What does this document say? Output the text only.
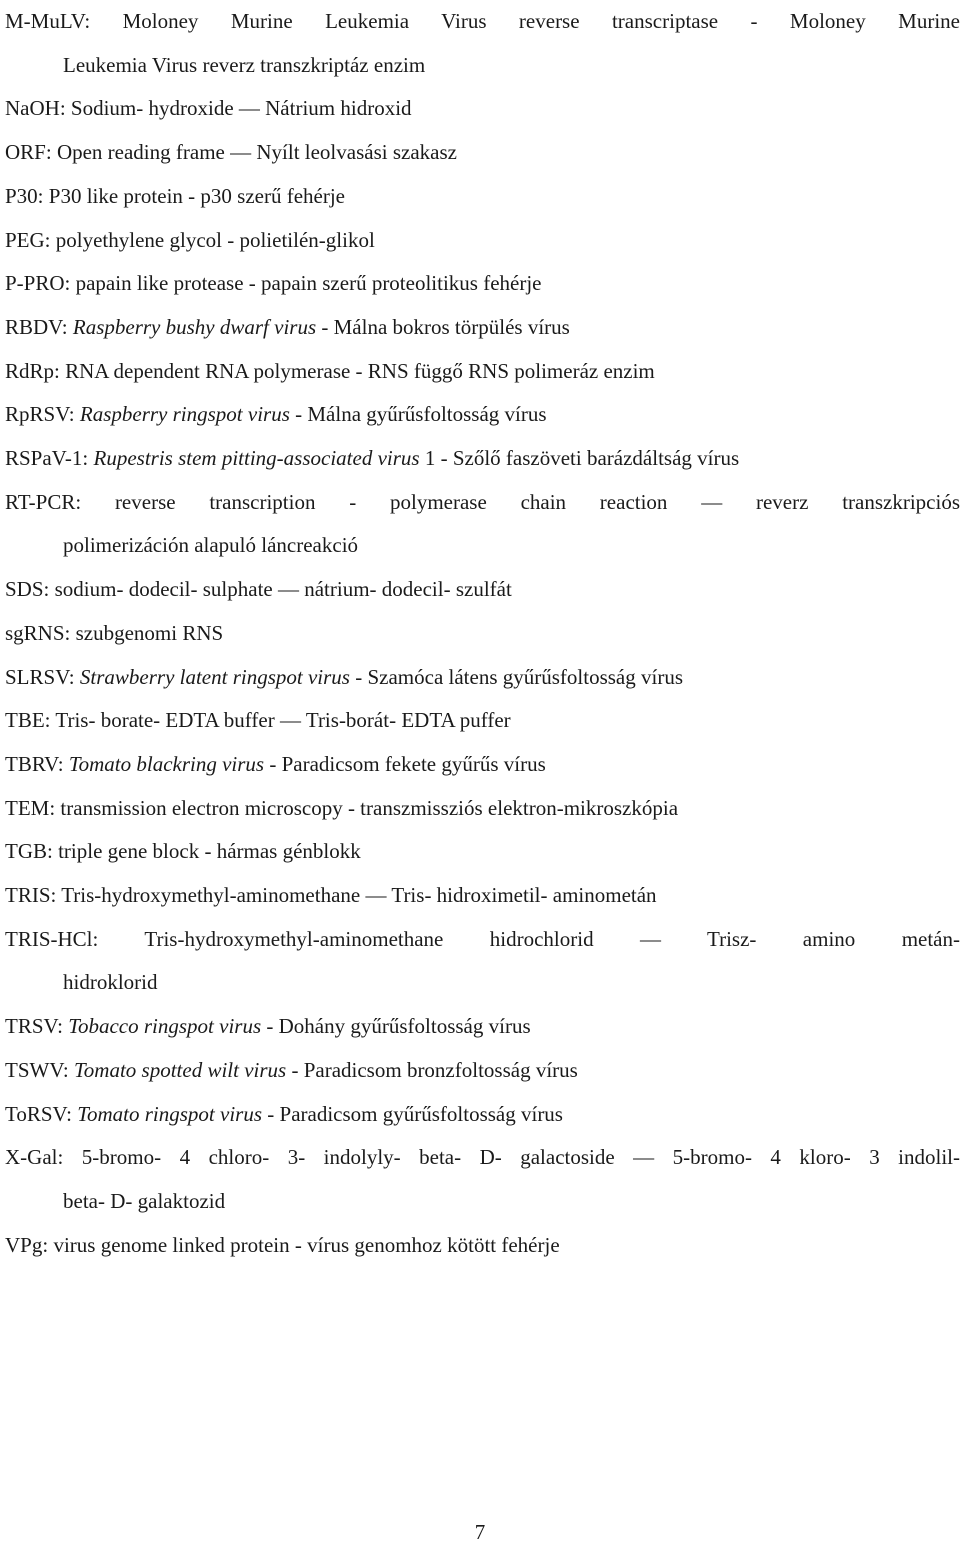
M-MuLV: Moloney Murine Leukemia Virus reverse transcriptase - Moloney Murine
Leukemia Virus reverz transzkriptáz enzim
NaOH: Sodium- hydroxide — Nátrium hidroxid
ORF: Open reading frame — Nyílt leolvasási szakasz
P30: P30 like protein - p30 szerű fehérje
PEG: polyethylene glycol - polietilén-glikol
P-PRO: papain like protease - papain szerű proteolitikus fehérje
RBDV: Raspberry bushy dwarf virus - Málna bokros törpülés vírus
RdRp: RNA dependent RNA polymerase - RNS függő RNS polimeráz enzim
RpRSV: Raspberry ringspot virus - Málna gyűrűsfoltosság vírus
RSPaV-1: Rupestris stem pitting-associated virus 1 - Szőlő faszöveti barázdáltság vírus
RT-PCR: reverse transcription - polymerase chain reaction — reverz transzkripciós
polimerizáción alapuló láncreakció
SDS: sodium- dodecil- sulphate — nátrium- dodecil- szulfát
sgRNS: szubgenomi RNS
SLRSV: Strawberry latent ringspot virus - Szamóca látens gyűrűsfoltosság vírus
TBE: Tris- borate- EDTA buffer — Tris-borát- EDTA puffer
TBRV: Tomato blackring virus - Paradicsom fekete gyűrűs vírus
TEM: transmission electron microscopy - transzmissziós elektron-mikroszkópia
TGB: triple gene block - hármas génblokk
TRIS: Tris-hydroxymethyl-aminomethane — Tris- hidroximetil- aminometán
TRIS-HCl: Tris-hydroxymethyl-aminomethane hidrochlorid — Trisz- amino metán-
hidroklorid
TRSV: Tobacco ringspot virus - Dohány gyűrűsfoltosság vírus
TSWV: Tomato spotted wilt virus - Paradicsom bronzfoltosság vírus
ToRSV: Tomato ringspot virus - Paradicsom gyűrűsfoltosság vírus
X-Gal: 5-bromo- 4 chloro- 3- indolyly- beta- D- galactoside — 5-bromo- 4 kloro- 3 indolil-
beta- D- galaktozid
VPg: virus genome linked protein - vírus genomhoz kötött fehérje
7
